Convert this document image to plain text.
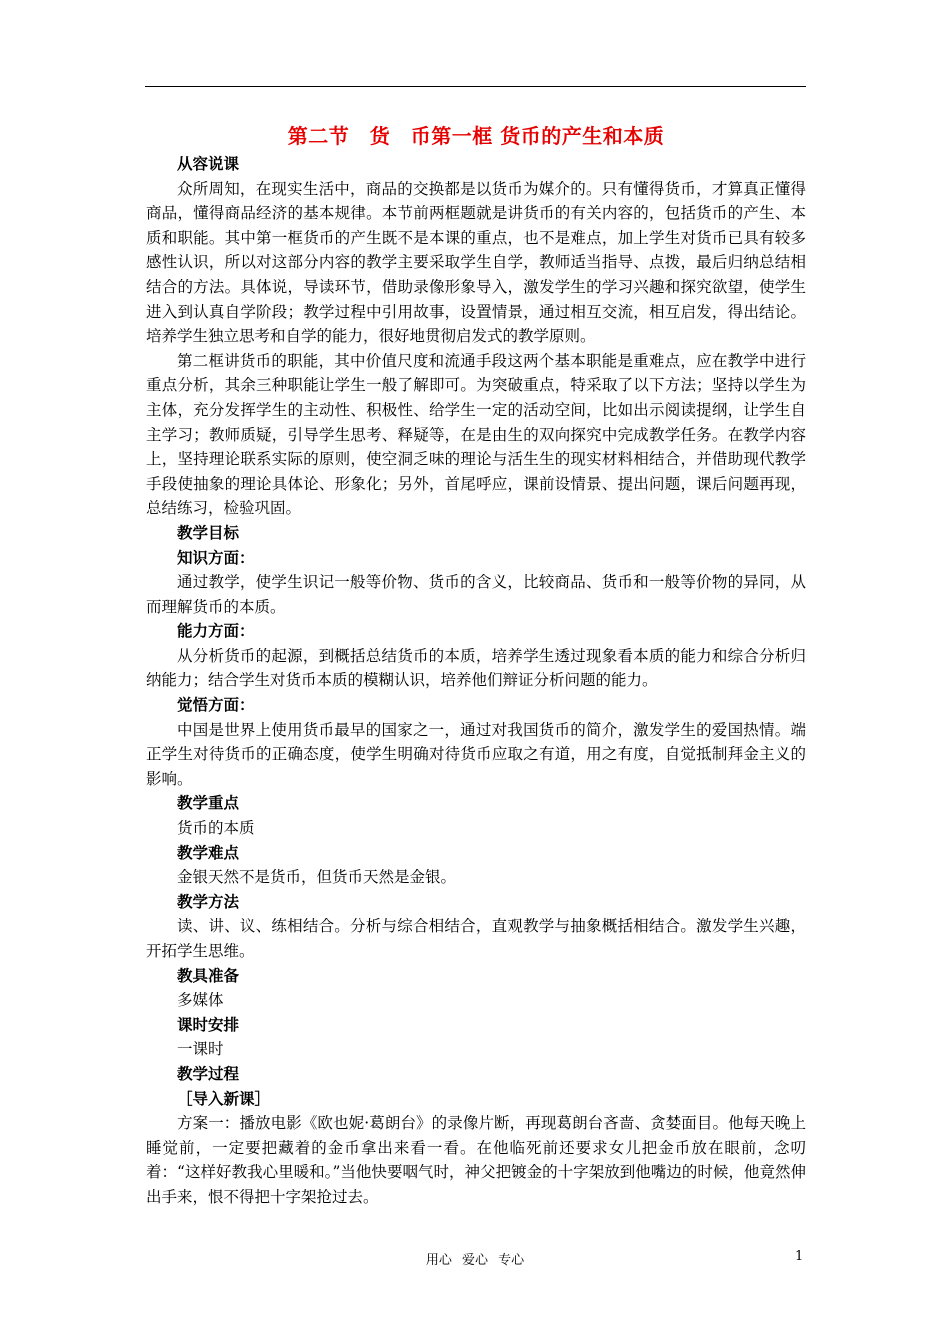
第二节　货　币第一框 货币的产生和本质
从容说课

众所周知，在现实生活中，商品的交换都是以货币为媒介的。只有懂得货币，才算真正懂得商品，懂得商品经济的基本规律。本节前两框题就是讲货币的有关内容的，包括货币的产生、本质和职能。其中第一框货币的产生既不是本课的重点，也不是难点，加上学生对货币已具有较多感性认识，所以对这部分内容的教学主要采取学生自学，教师适当指导、点拨，最后归纳总结相结合的方法。具体说，导读环节，借助录像形象导入，激发学生的学习兴趣和探究欲望，使学生进入到认真自学阶段；教学过程中引用故事，设置情景，通过相互交流，相互启发，得出结论。培养学生独立思考和自学的能力，很好地贯彻启发式的教学原则。

第二框讲货币的职能，其中价值尺度和流通手段这两个基本职能是重难点，应在教学中进行重点分析，其余三种职能让学生一般了解即可。为突破重点，特采取了以下方法；坚持以学生为主体，充分发挥学生的主动性、积极性、给学生一定的活动空间，比如出示阅读提纲，让学生自主学习；教师质疑，引导学生思考、释疑等，在是由生的双向探究中完成教学任务。在教学内容上，坚持理论联系实际的原则，使空洞乏味的理论与活生生的现实材料相结合，并借助现代教学手段使抽象的理论具体论、形象化；另外，首尾呼应，课前设情景、提出问题，课后问题再现，总结练习，检验巩固。

教学目标
知识方面：

通过教学，使学生识记一般等价物、货币的含义，比较商品、货币和一般等价物的异同，从而理解货币的本质。

能力方面：

从分析货币的起源，到概括总结货币的本质，培养学生透过现象看本质的能力和综合分析归纳能力；结合学生对货币本质的模糊认识，培养他们辩证分析问题的能力。

觉悟方面：

中国是世界上使用货币最早的国家之一，通过对我国货币的简介，激发学生的爱国热情。端正学生对待货币的正确态度，使学生明确对待货币应取之有道，用之有度，自觉抵制拜金主义的影响。

教学重点
货币的本质
教学难点
金银天然不是货币，但货币天然是金银。
教学方法

读、讲、议、练相结合。分析与综合相结合，直观教学与抽象概括相结合。激发学生兴趣，开拓学生思维。

教具准备
多媒体
课时安排
一课时
教学过程
［导入新课］

方案一：播放电影《欧也妮·葛朗台》的录像片断，再现葛朗台吝啬、贪婪面目。他每天晚上睡觉前，一定要把藏着的金币拿出来看一看。在他临死前还要求女儿把金币放在眼前，念叨着：“这样好教我心里暖和。”当他快要咽气时，神父把镀金的十字架放到他嘴边的时候，他竟然伸出手来，恨不得把十字架抢过去。

用心 爱心 专心	1
